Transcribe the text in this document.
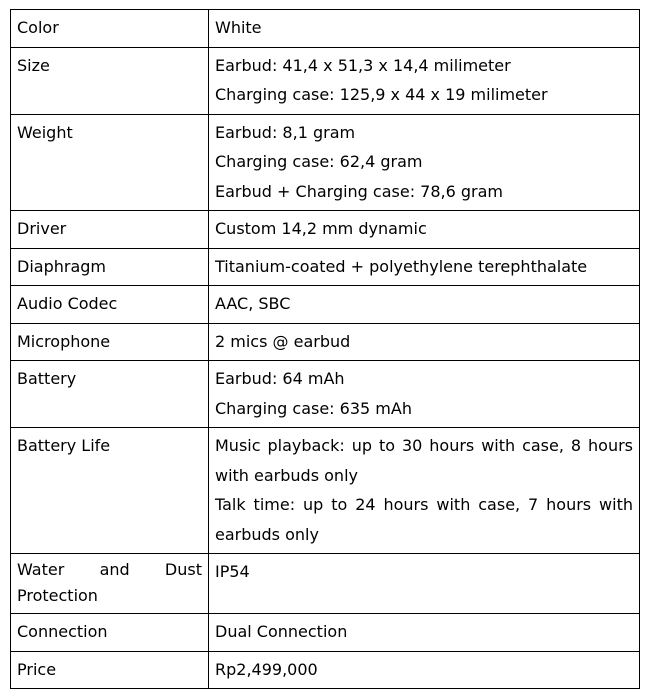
Color	White

Size	Earbud: 41,4 x 51,3 x 14,4 milimeter
Charging case: 125,9 x 44 x 19 milimeter

Weight	Earbud: 8,1 gram
Charging case: 62,4 gram
Earbud + Charging case: 78,6 gram

Driver	Custom 14,2 mm dynamic

Diaphragm	Titanium-coated + polyethylene terephthalate

Audio Codec	AAC, SBC

Microphone	2 mics @ earbud

Battery	Earbud: 64 mAh
Charging case: 635 mAh

Battery Life	Music playback: up to 30 hours with case, 8 hours with earbuds only
Talk time: up to 24 hours with case, 7 hours with earbuds only

Water and Dust
Protection	IP54

Connection	Dual Connection

Price	Rp2,499,000
